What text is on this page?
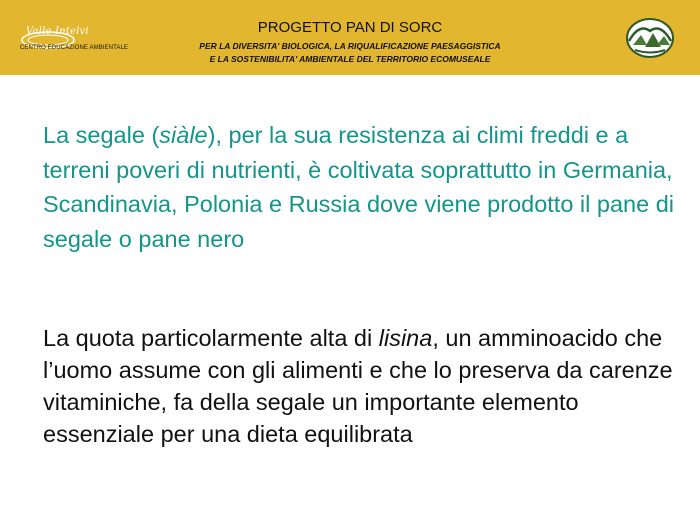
Valle Intelvi
CENTRO EDUCAZIONE AMBIENTALE
PROGETTO PAN DI SORC
PER LA DIVERSITA' BIOLOGICA, LA RIQUALIFICAZIONE PAESAGGISTICA
E LA SOSTENIBILITA' AMBIENTALE DEL TERRITORIO ECOMUSEALE

La segale (siàle), per la sua resistenza ai climi freddi e a terreni poveri di nutrienti, è coltivata soprattutto in Germania, Scandinavia, Polonia e Russia dove viene prodotto il pane di segale o pane nero

La quota particolarmente alta di lisina, un amminoacido che l’uomo assume con gli alimenti e che lo preserva da carenze vitaminiche, fa della segale un importante elemento essenziale per una dieta equilibrata
